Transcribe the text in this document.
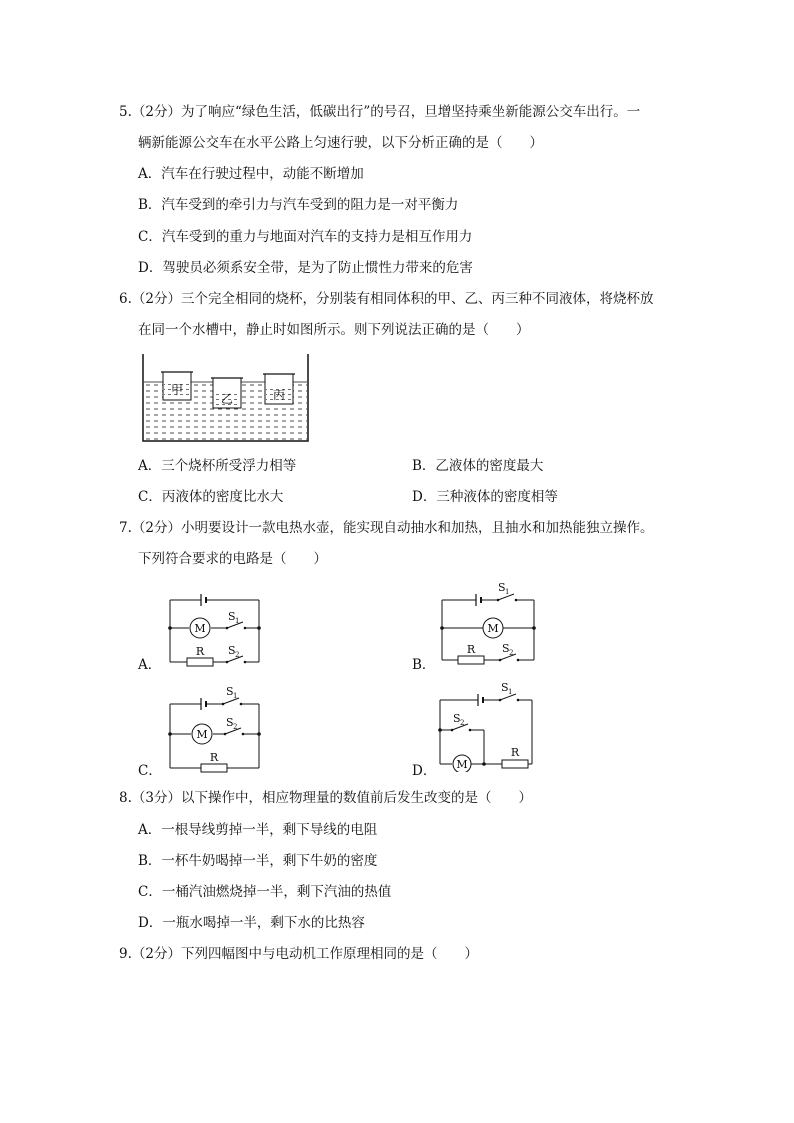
5.（2分）为了响应“绿色生活，低碳出行”的号召，旦增坚持乘坐新能源公交车出行。一
辆新能源公交车在水平公路上匀速行驶，以下分析正确的是（　　）
A．汽车在行驶过程中，动能不断增加
B．汽车受到的牵引力与汽车受到的阻力是一对平衡力
C．汽车受到的重力与地面对汽车的支持力是相互作用力
D．驾驶员必须系安全带，是为了防止惯性力带来的危害
6.（2分）三个完全相同的烧杯，分别装有相同体积的甲、乙、丙三种不同液体，将烧杯放
在同一个水槽中，静止时如图所示。则下列说法正确的是（　　）
甲
乙	丙
A．三个烧杯所受浮力相等	B．乙液体的密度最大
C．丙液体的密度比水大	D．三种液体的密度相等
7.（2分）小明要设计一款电热水壶，能实现自动抽水和加热，且抽水和加热能独立操作。
下列符合要求的电路是（　　）
A．
M
R
S 1
S 2
B．
M
R
S 1
S 2
C．
M
R
S 1
S 2
D． M
R
S 1
S 2
8.（3分）以下操作中，相应物理量的数值前后发生改变的是（　　）
A．一根导线剪掉一半，剩下导线的电阻
B．一杯牛奶喝掉一半，剩下牛奶的密度
C．一桶汽油燃烧掉一半，剩下汽油的热值
D．一瓶水喝掉一半，剩下水的比热容
9.（2分）下列四幅图中与电动机工作原理相同的是（　　）
